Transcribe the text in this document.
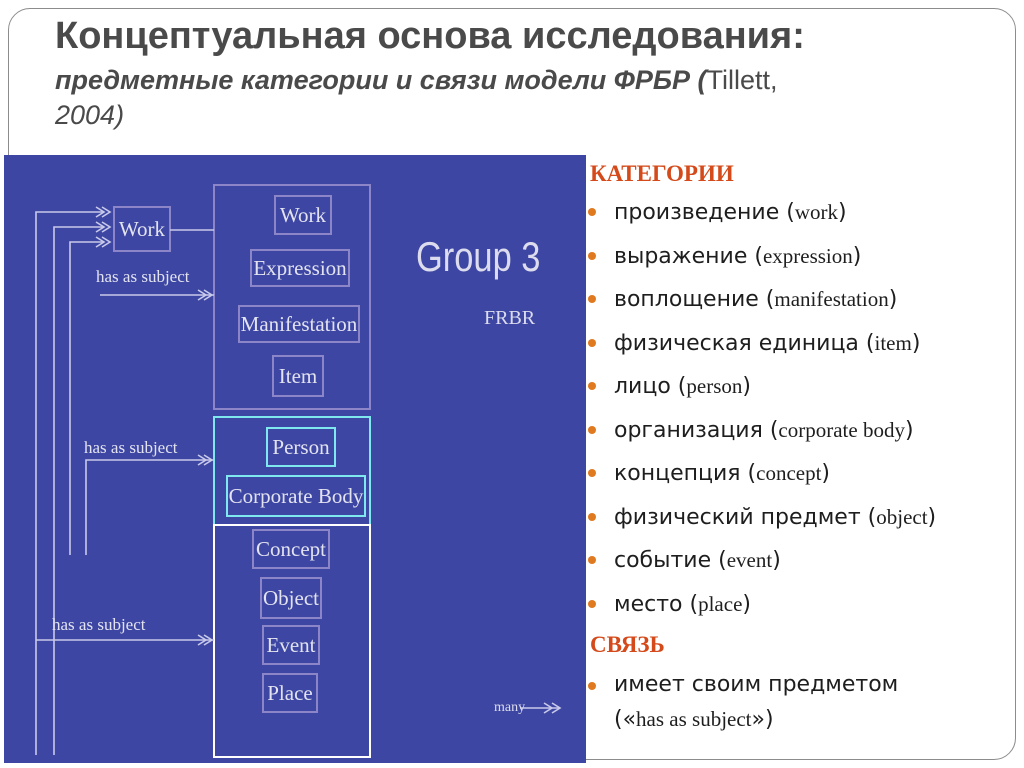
Концептуальная основа исследования:
предметные категории и связи модели ФРБР (Tillett,
2004)
Work
Work
Expression
Manifestation
Item
Person
Corporate Body
Concept
Object
Event
Place
has as subject
has as subject
has as subject
Group 3
FRBR
many
КАТЕГОРИИ
произведение (work)
выражение (expression)
воплощение (manifestation)
физическая единица (item)
лицо (person)
организация (corporate body)
концепция (concept)
физический предмет (object)
событие (event)
место (place)
СВЯЗЬ
имеет своим предметом
(«has as subject»)
